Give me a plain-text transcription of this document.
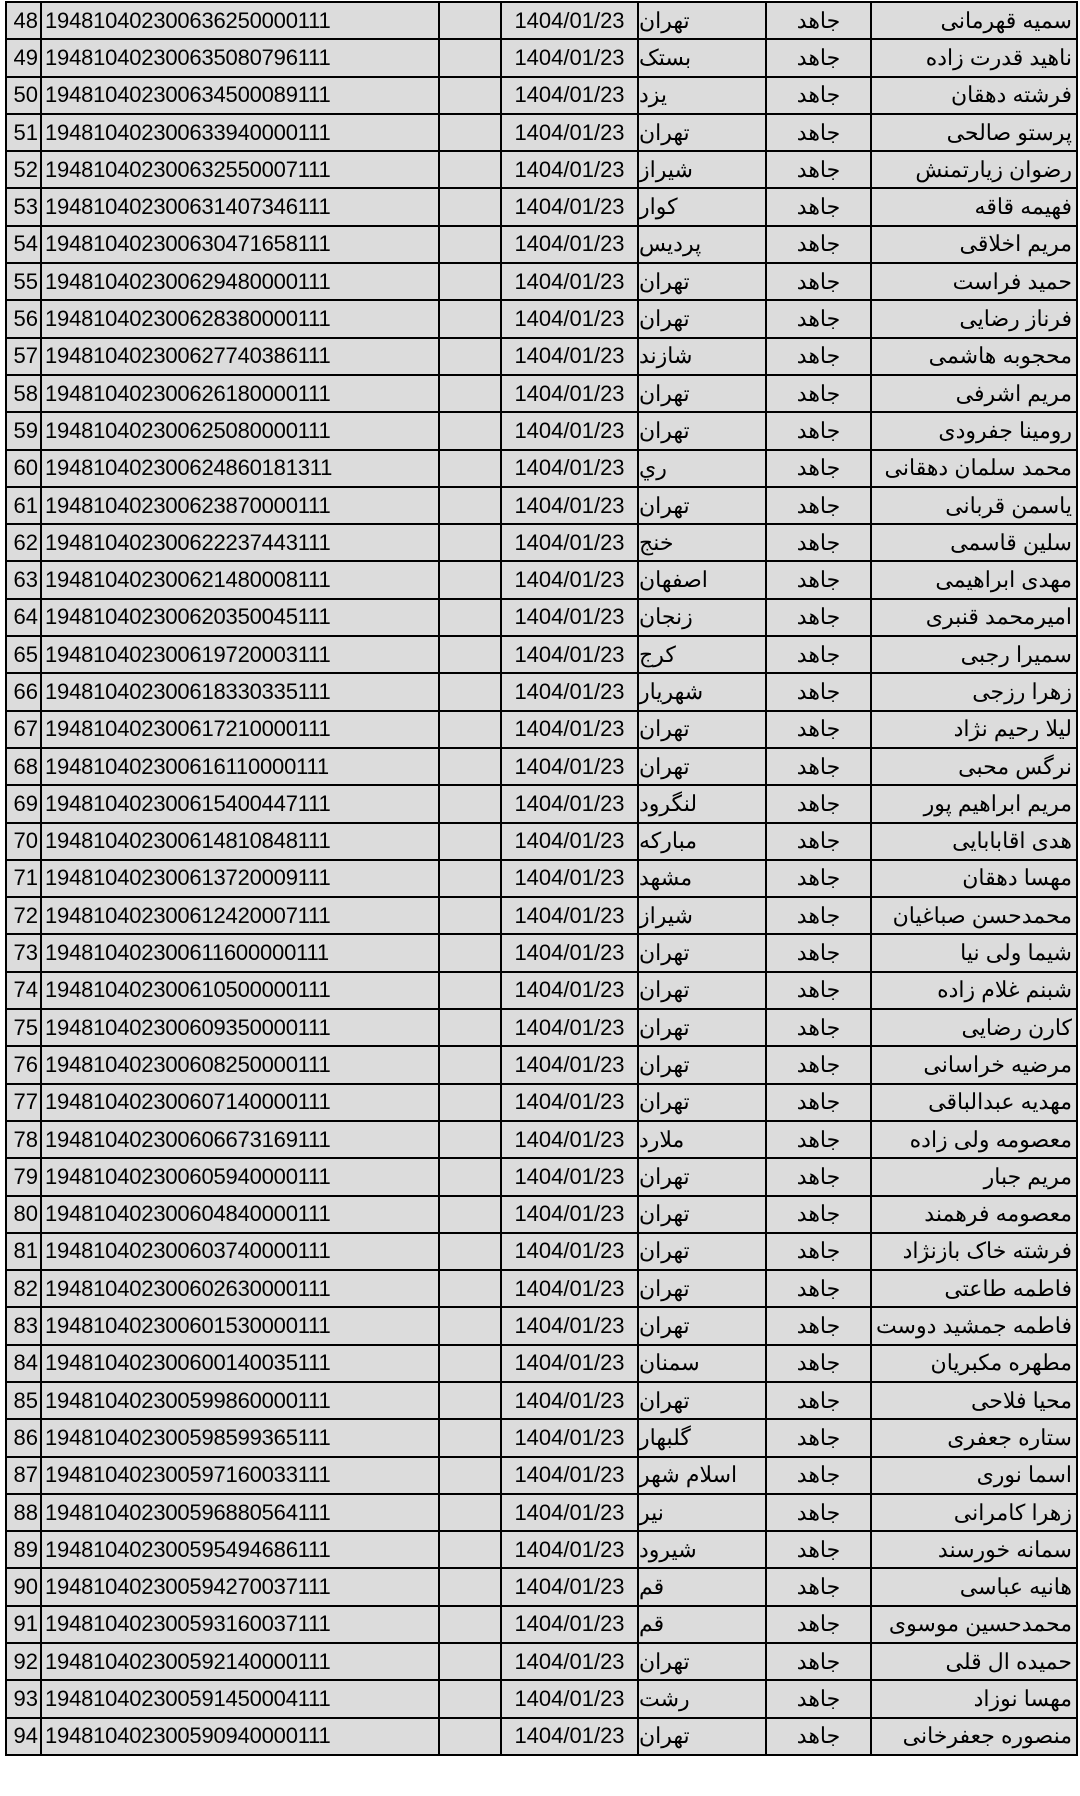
48 194810402300636250000111	1404/01/23 تهران	جاهد	سمیه قهرمانی
49 194810402300635080796111	1404/01/23 بستک	جاهد	ناهید قدرت زاده
50 194810402300634500089111	1404/01/23 یزد	جاهد	فرشته دهقان
51 194810402300633940000111	1404/01/23 تهران	جاهد	پرستو صالحی
52 194810402300632550007111	1404/01/23 شیراز	جاهد	رضوان زیارتمنش
53 194810402300631407346111	1404/01/23 کوار	جاهد	فهیمه قاقه
54 194810402300630471658111	1404/01/23 پردیس	جاهد	مریم اخلاقی
55 194810402300629480000111	1404/01/23 تهران	جاهد	حمید فراست
56 194810402300628380000111	1404/01/23 تهران	جاهد	فرناز رضایی
57 194810402300627740386111	1404/01/23 شازند	جاهد	محجوبه هاشمی
58 194810402300626180000111	1404/01/23 تهران	جاهد	مریم اشرفی
59 194810402300625080000111	1404/01/23 تهران	جاهد	رومینا جفرودی
60 194810402300624860181311	1404/01/23 ري	جاهد	محمد سلمان دهقانی
61 194810402300623870000111	1404/01/23 تهران	جاهد	یاسمن قربانی
62 194810402300622237443111	1404/01/23 خنج	جاهد	سلین قاسمی
63 194810402300621480008111	1404/01/23 اصفهان	جاهد	مهدی ابراهیمی
64 194810402300620350045111	1404/01/23 زنجان	جاهد	امیرمحمد قنبری
65 194810402300619720003111	1404/01/23 کرج	جاهد	سمیرا رجبی
66 194810402300618330335111	1404/01/23 شهریار	جاهد	زهرا رزجی
67 194810402300617210000111	1404/01/23 تهران	جاهد	لیلا رحیم نژاد
68 194810402300616110000111	1404/01/23 تهران	جاهد	نرگس محبی
69 194810402300615400447111	1404/01/23 لنگرود	جاهد	مریم ابراهیم پور
70 194810402300614810848111	1404/01/23 مبارکه	جاهد	هدی اقابابایی
71 194810402300613720009111	1404/01/23 مشهد	جاهد	مهسا دهقان
72 194810402300612420007111	1404/01/23 شیراز	جاهد	محمدحسن صباغیان
73 194810402300611600000111	1404/01/23 تهران	جاهد	شیما ولی نیا
74 194810402300610500000111	1404/01/23 تهران	جاهد	شبنم غلام زاده
75 194810402300609350000111	1404/01/23 تهران	جاهد	کارن رضایی
76 194810402300608250000111	1404/01/23 تهران	جاهد	مرضیه خراسانی
77 194810402300607140000111	1404/01/23 تهران	جاهد	مهدیه عبدالباقی
78 194810402300606673169111	1404/01/23 ملارد	جاهد	معصومه ولی زاده
79 194810402300605940000111	1404/01/23 تهران	جاهد	مریم جبار
80 194810402300604840000111	1404/01/23 تهران	جاهد	معصومه فرهمند
81 194810402300603740000111	1404/01/23 تهران	جاهد	فرشته خاک بازنژاد
82 194810402300602630000111	1404/01/23 تهران	جاهد	فاطمه طاعتی
83 194810402300601530000111	1404/01/23 تهران	جاهد	فاطمه جمشید دوست
84 194810402300600140035111	1404/01/23 سمنان	جاهد	مطهره مکبریان
85 194810402300599860000111	1404/01/23 تهران	جاهد	محیا فلاحی
86 194810402300598599365111	1404/01/23 گلبهار	جاهد	ستاره جعفری
87 194810402300597160033111	1404/01/23 اسلام شهر	جاهد	اسما نوری
88 194810402300596880564111	1404/01/23 نیر	جاهد	زهرا کامرانی
89 194810402300595494686111	1404/01/23 شیرود	جاهد	سمانه خورسند
90 194810402300594270037111	1404/01/23 قم	جاهد	هانیه عباسی
91 194810402300593160037111	1404/01/23 قم	جاهد	محمدحسین موسوی
92 194810402300592140000111	1404/01/23 تهران	جاهد	حمیده ال قلی
93 194810402300591450004111	1404/01/23 رشت	جاهد	مهسا نوزاد
94 194810402300590940000111	1404/01/23 تهران	جاهد	منصوره جعفرخانی
